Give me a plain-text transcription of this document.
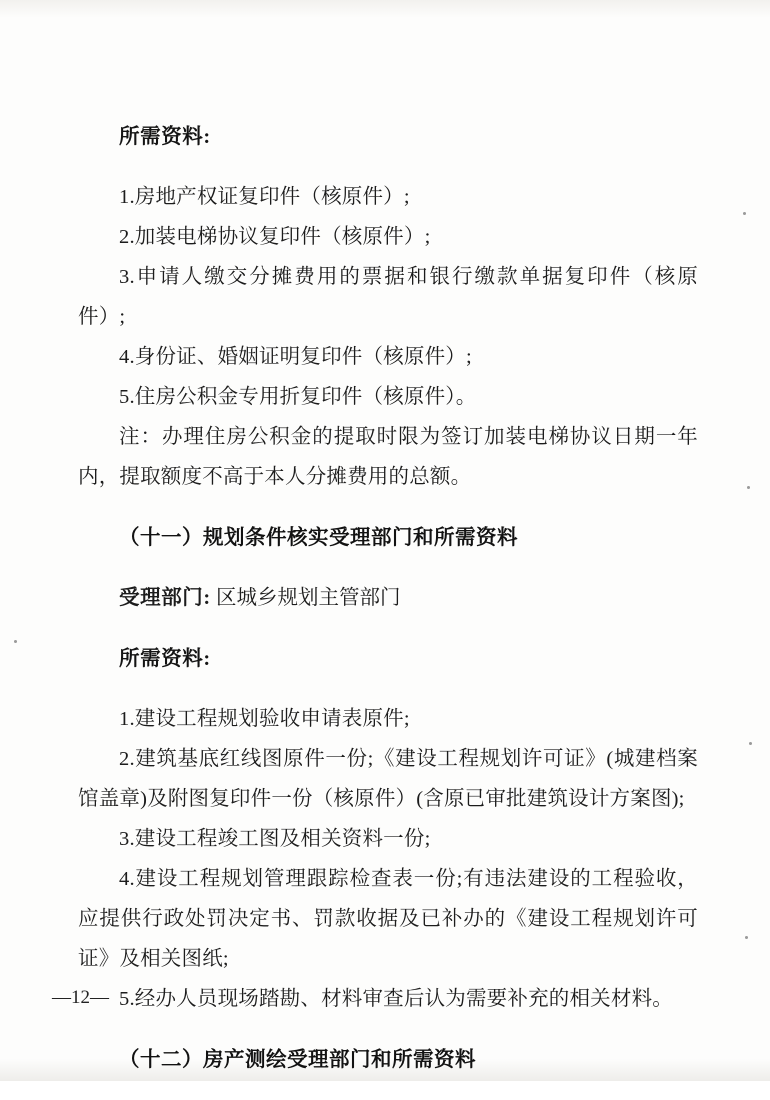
所需资料:

1.房地产权证复印件（核原件）;

2.加装电梯协议复印件（核原件）;

3.申请人缴交分摊费用的票据和银行缴款单据复印件（核原件）;

4.身份证、婚姻证明复印件（核原件）;

5.住房公积金专用折复印件（核原件）。

注：办理住房公积金的提取时限为签订加装电梯协议日期一年内，提取额度不高于本人分摊费用的总额。

（十一）规划条件核实受理部门和所需资料

受理部门: 区城乡规划主管部门

所需资料:

1.建设工程规划验收申请表原件;

2.建筑基底红线图原件一份;《建设工程规划许可证》(城建档案馆盖章)及附图复印件一份（核原件）(含原已审批建筑设计方案图);

3.建设工程竣工图及相关资料一份;

4.建设工程规划管理跟踪检查表一份;有违法建设的工程验收，应提供行政处罚决定书、罚款收据及已补办的《建设工程规划许可证》及相关图纸;

5.经办人员现场踏勘、材料审查后认为需要补充的相关材料。

（十二）房产测绘受理部门和所需资料

—12—
